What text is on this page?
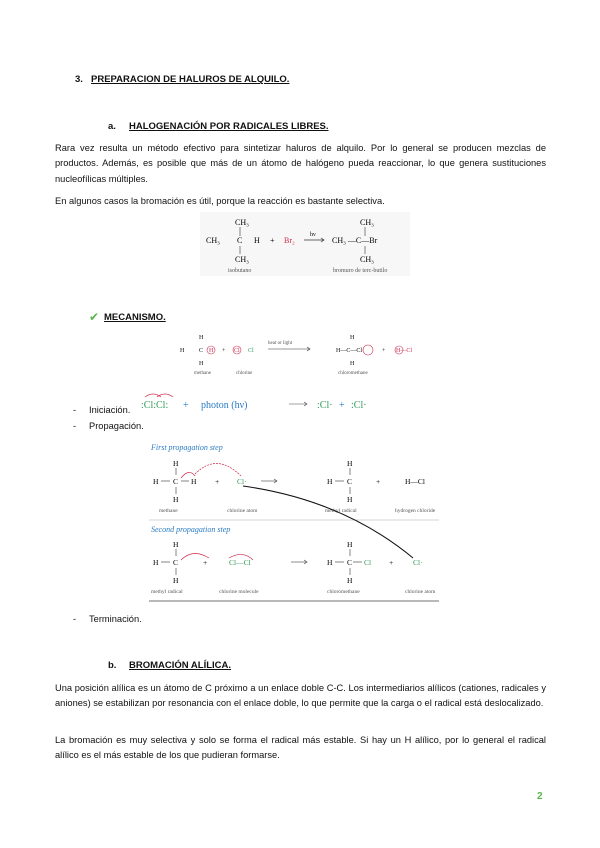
3. PREPARACION DE HALUROS DE ALQUILO.
a. HALOGENACIÓN POR RADICALES LIBRES.
Rara vez resulta un método efectivo para sintetizar haluros de alquilo. Por lo general se producen mezclas de productos. Además, es posible que más de un átomo de halógeno pueda reaccionar, lo que genera sustituciones nucleofílicas múltiples.
En algunos casos la bromación es útil, porque la reacción es bastante selectiva.
CH₃
CH₃ C H
CH₃
+ Br₂
hν
CH₃
CH₃ —C—Br
CH₃
isobutano	bromuro de terc-butilo
✔ MECANISMO.
H
H C H
H
+ Cl Cl
methane	chlorine
heat or light
H
H—C—Cl
H
+ H—Cl
chloromethane
- Iniciación. :Cl:Cl: + photon (hν)	:Cl· + :Cl·
- Propagación.
First propagation step
H
H C H
H
+ Cl·
methane	chlorine atom
H
H C
H
+	H—Cl
methyl radical	hydrogen chloride
Second propagation step
H
H C
H
+	Cl—Cl
methyl radical	chlorine molecule
H
H C Cl
H
+	Cl·
chloromethane	chlorine atom
- Terminación.
b. BROMACIÓN ALÍLICA.
Una posición alílica es un átomo de C próximo a un enlace doble C-C. Los intermediarios alílicos (cationes, radicales y aniones) se estabilizan por resonancia con el enlace doble, lo que permite que la carga o el radical está deslocalizado.
La bromación es muy selectiva y solo se forma el radical más estable. Si hay un H alílico, por lo general el radical alílico es el más estable de los que pudieran formarse.
2
